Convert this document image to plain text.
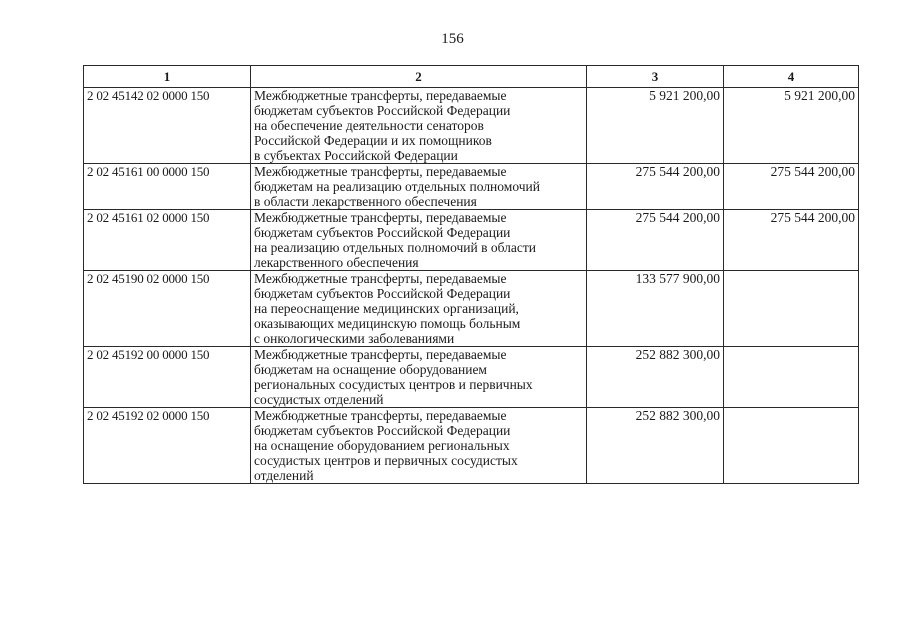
156
1	2	3	4
2 02 45142 02 0000 150	Межбюджетные трансферты, передаваемые
бюджетам субъектов Российской Федерации
на обеспечение деятельности сенаторов
Российской Федерации и их помощников
в субъектах Российской Федерации	5 921 200,00	5 921 200,00
2 02 45161 00 0000 150	Межбюджетные трансферты, передаваемые
бюджетам на реализацию отдельных полномочий
в области лекарственного обеспечения	275 544 200,00	275 544 200,00
2 02 45161 02 0000 150	Межбюджетные трансферты, передаваемые
бюджетам субъектов Российской Федерации
на реализацию отдельных полномочий в области
лекарственного обеспечения	275 544 200,00	275 544 200,00
2 02 45190 02 0000 150	Межбюджетные трансферты, передаваемые
бюджетам субъектов Российской Федерации
на переоснащение медицинских организаций,
оказывающих медицинскую помощь больным
с онкологическими заболеваниями	133 577 900,00	
2 02 45192 00 0000 150	Межбюджетные трансферты, передаваемые
бюджетам на оснащение оборудованием
региональных сосудистых центров и первичных
сосудистых отделений	252 882 300,00	
2 02 45192 02 0000 150	Межбюджетные трансферты, передаваемые
бюджетам субъектов Российской Федерации
на оснащение оборудованием региональных
сосудистых центров и первичных сосудистых
отделений	252 882 300,00	
